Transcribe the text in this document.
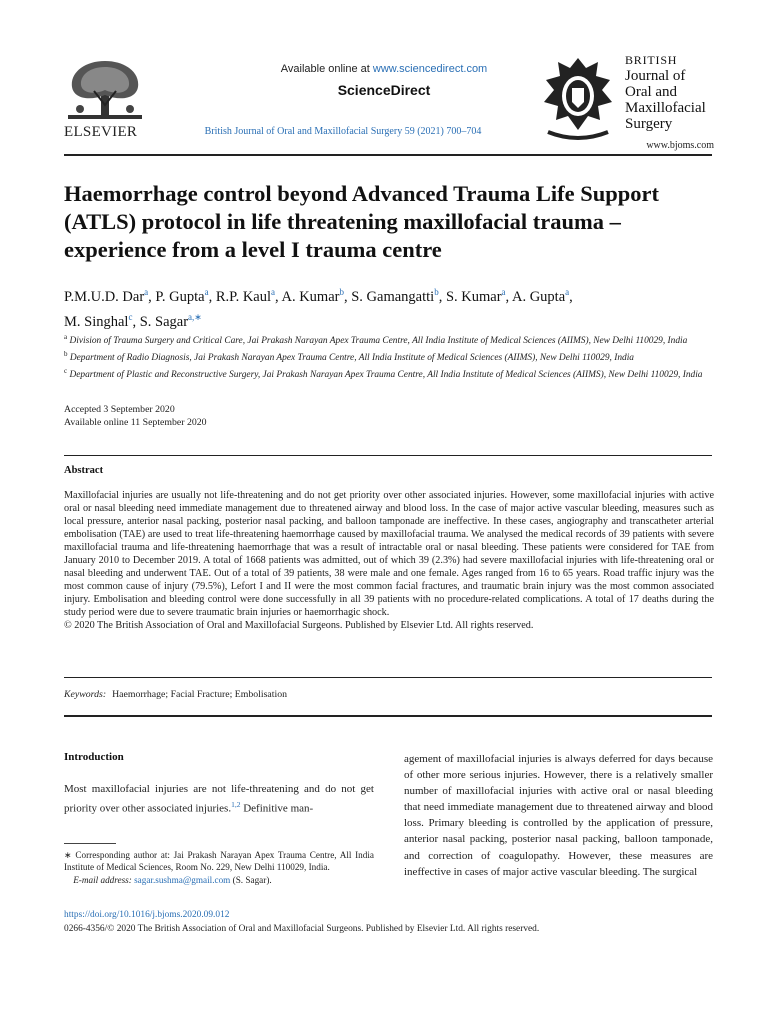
ELSEVIER
Available online at www.sciencedirect.com
ScienceDirect
British Journal of Oral and Maxillofacial Surgery 59 (2021) 700–704
BRITISH
Journal of
Oral and
Maxillofacial
Surgery
www.bjoms.com
Haemorrhage control beyond Advanced Trauma Life Support (ATLS) protocol in life threatening maxillofacial trauma – experience from a level I trauma centre
P.M.U.D. Dar$^a$, P. Gupta$^a$, R.P. Kaul$^a$, A. Kumar$^b$, S. Gamangatti$^b$, S. Kumar$^a$, A. Gupta$^a$,
M. Singhal$^c$, S. Sagar$^{a,∗}$

$^a$ Division of Trauma Surgery and Critical Care, Jai Prakash Narayan Apex Trauma Centre, All India Institute of Medical Sciences (AIIMS), New Delhi 110029, India

$^b$ Department of Radio Diagnosis, Jai Prakash Narayan Apex Trauma Centre, All India Institute of Medical Sciences (AIIMS), New Delhi 110029, India

$^c$ Department of Plastic and Reconstructive Surgery, Jai Prakash Narayan Apex Trauma Centre, All India Institute of Medical Sciences (AIIMS), New Delhi 110029, India

Accepted 3 September 2020
Available online 11 September 2020
Abstract

Maxillofacial injuries are usually not life-threatening and do not get priority over other associated injuries. However, some maxillofacial injuries with active oral or nasal bleeding need immediate management due to threatened airway and blood loss. In the case of major active vascular bleeding, measures such as local pressure, anterior nasal packing, posterior nasal packing, and balloon tamponade are ineffective. In these cases, angiography and transcatheter arterial embolisation (TAE) are used to treat life-threatening haemorrhage caused by maxillofacial trauma. We analysed the medical records of 39 patients with severe maxillofacial trauma and life-threatening haemorrhage that was a result of intractable oral or nasal bleeding. These patients were considered for TAE from January 2010 to December 2019. A total of 1668 patients was admitted, out of which 39 (2.3%) had severe maxillofacial injuries with life-threatening oral or nasal bleeding and underwent TAE. Out of a total of 39 patients, 38 were male and one female. Ages ranged from 16 to 65 years. Road traffic injury was the most common cause of injury (79.5%), Lefort I and II were the most common facial fractures, and traumatic brain injury was the most common associated injury. Embolisation and bleeding control were done successfully in all 39 patients with no procedure-related complications. A total of 17 deaths during the study period were due to severe traumatic brain injuries or haemorrhagic shock.

© 2020 The British Association of Oral and Maxillofacial Surgeons. Published by Elsevier Ltd. All rights reserved.

Keywords: Haemorrhage; Facial Fracture; Embolisation
Introduction
Most maxillofacial injuries are not life-threatening and do not get priority over other associated injuries.$^{1,2}$ Definitive man-
agement of maxillofacial injuries is always deferred for days because of other more serious injuries. However, there is a relatively smaller number of maxillofacial injuries with active oral or nasal bleeding that need immediate management due to threatened airway and blood loss. Primary bleeding is controlled by the application of pressure, anterior nasal packing, posterior nasal packing, balloon tamponade, and correction of coagulopathy. However, these measures are ineffective in cases of major active vascular bleeding. The surgical
∗ Corresponding author at: Jai Prakash Narayan Apex Trauma Centre, All India Institute of Medical Sciences, Room No. 229, New Delhi 110029, India.
E-mail address: sagar.sushma@gmail.com (S. Sagar).
https://doi.org/10.1016/j.bjoms.2020.09.012
0266-4356/© 2020 The British Association of Oral and Maxillofacial Surgeons. Published by Elsevier Ltd. All rights reserved.
